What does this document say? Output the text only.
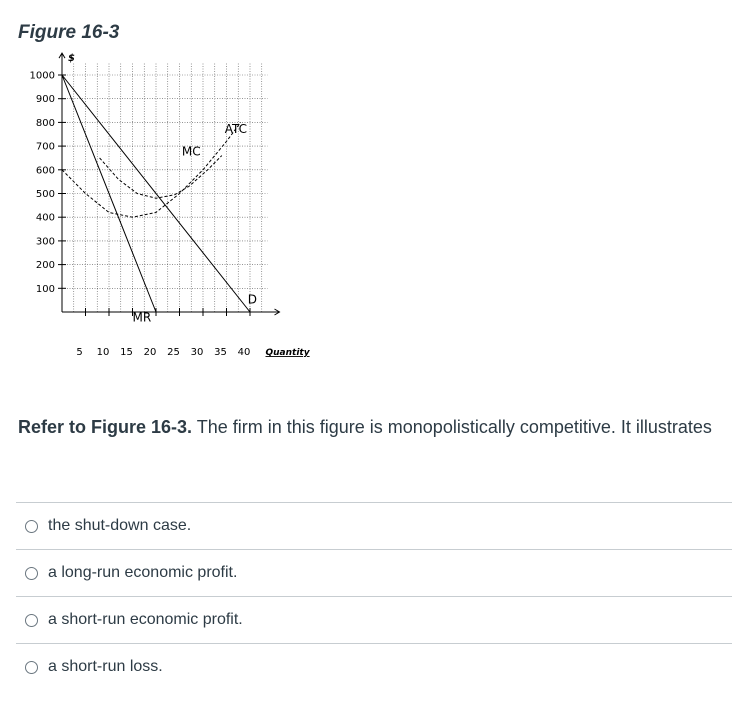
Figure 16-3
100
200
300
400
500
600
700
800
900
1000
5 10 15 20 25 30 35 40
$
Quantity
ATC
MC
D
MR

Refer to Figure 16-3. The firm in this figure is monopolistically competitive. It illustrates

the shut-down case.
a long-run economic profit.
a short-run economic profit.
a short-run loss.
